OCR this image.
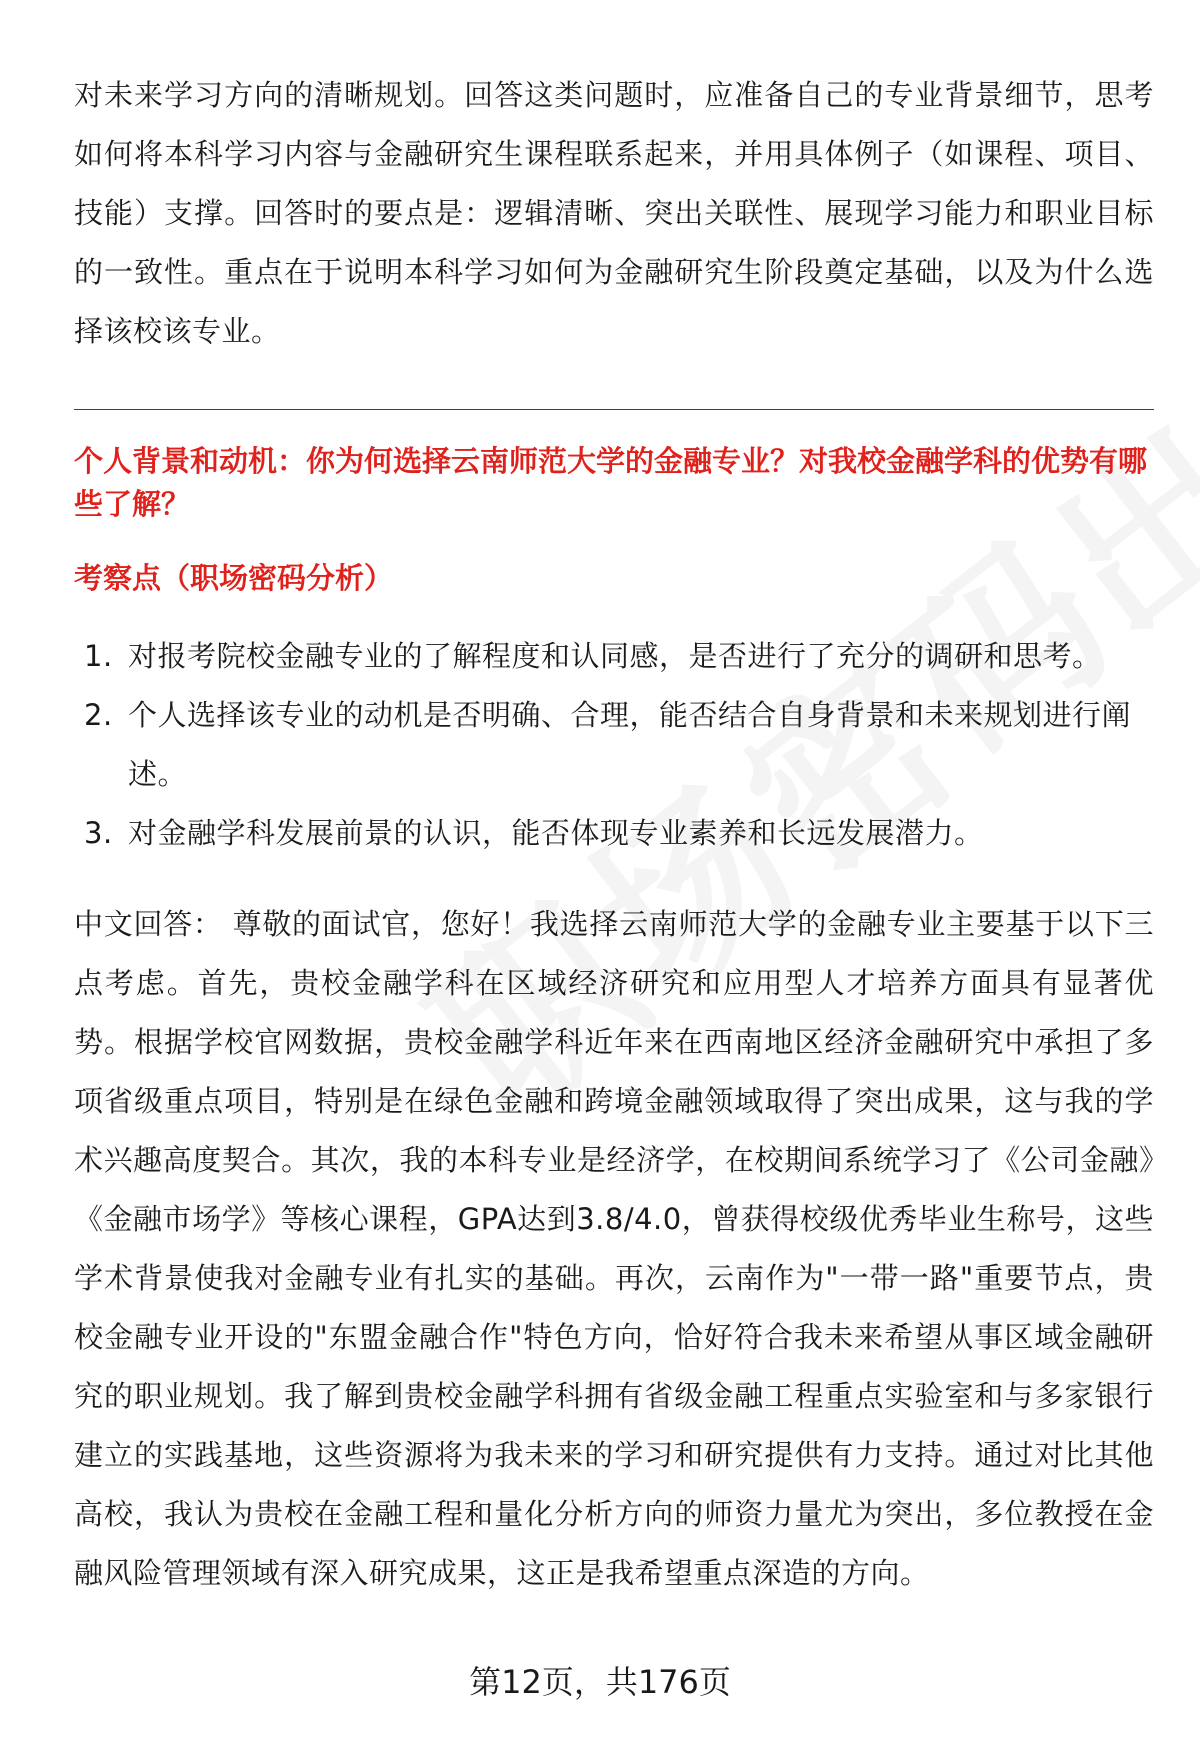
对未来学习方向的清晰规划。回答这类问题时，应准备自己的专业背景细节，思考如何将本科学习内容与金融研究生课程联系起来，并用具体例子（如课程、项目、技能）支撑。回答时的要点是：逻辑清晰、突出关联性、展现学习能力和职业目标的一致性。重点在于说明本科学习如何为金融研究生阶段奠定基础，以及为什么选择该校该专业。

个人背景和动机：你为何选择云南师范大学的金融专业？对我校金融学科的优势有哪些了解？
考察点（职场密码分析）
1. 对报考院校金融专业的了解程度和认同感，是否进行了充分的调研和思考。
2. 个人选择该专业的动机是否明确、合理，能否结合自身背景和未来规划进行阐述。
3. 对金融学科发展前景的认识，能否体现专业素养和长远发展潜力。

中文回答： 尊敬的面试官，您好！我选择云南师范大学的金融专业主要基于以下三点考虑。首先，贵校金融学科在区域经济研究和应用型人才培养方面具有显著优势。根据学校官网数据，贵校金融学科近年来在西南地区经济金融研究中承担了多项省级重点项目，特别是在绿色金融和跨境金融领域取得了突出成果，这与我的学术兴趣高度契合。其次，我的本科专业是经济学，在校期间系统学习了《公司金融》《金融市场学》等核心课程，GPA达到3.8/4.0，曾获得校级优秀毕业生称号，这些学术背景使我对金融专业有扎实的基础。再次，云南作为"一带一路"重要节点，贵校金融专业开设的"东盟金融合作"特色方向，恰好符合我未来希望从事区域金融研究的职业规划。我了解到贵校金融学科拥有省级金融工程重点实验室和与多家银行建立的实践基地，这些资源将为我未来的学习和研究提供有力支持。通过对比其他高校，我认为贵校在金融工程和量化分析方向的师资力量尤为突出，多位教授在金融风险管理领域有深入研究成果，这正是我希望重点深造的方向。

第12页，共176页
